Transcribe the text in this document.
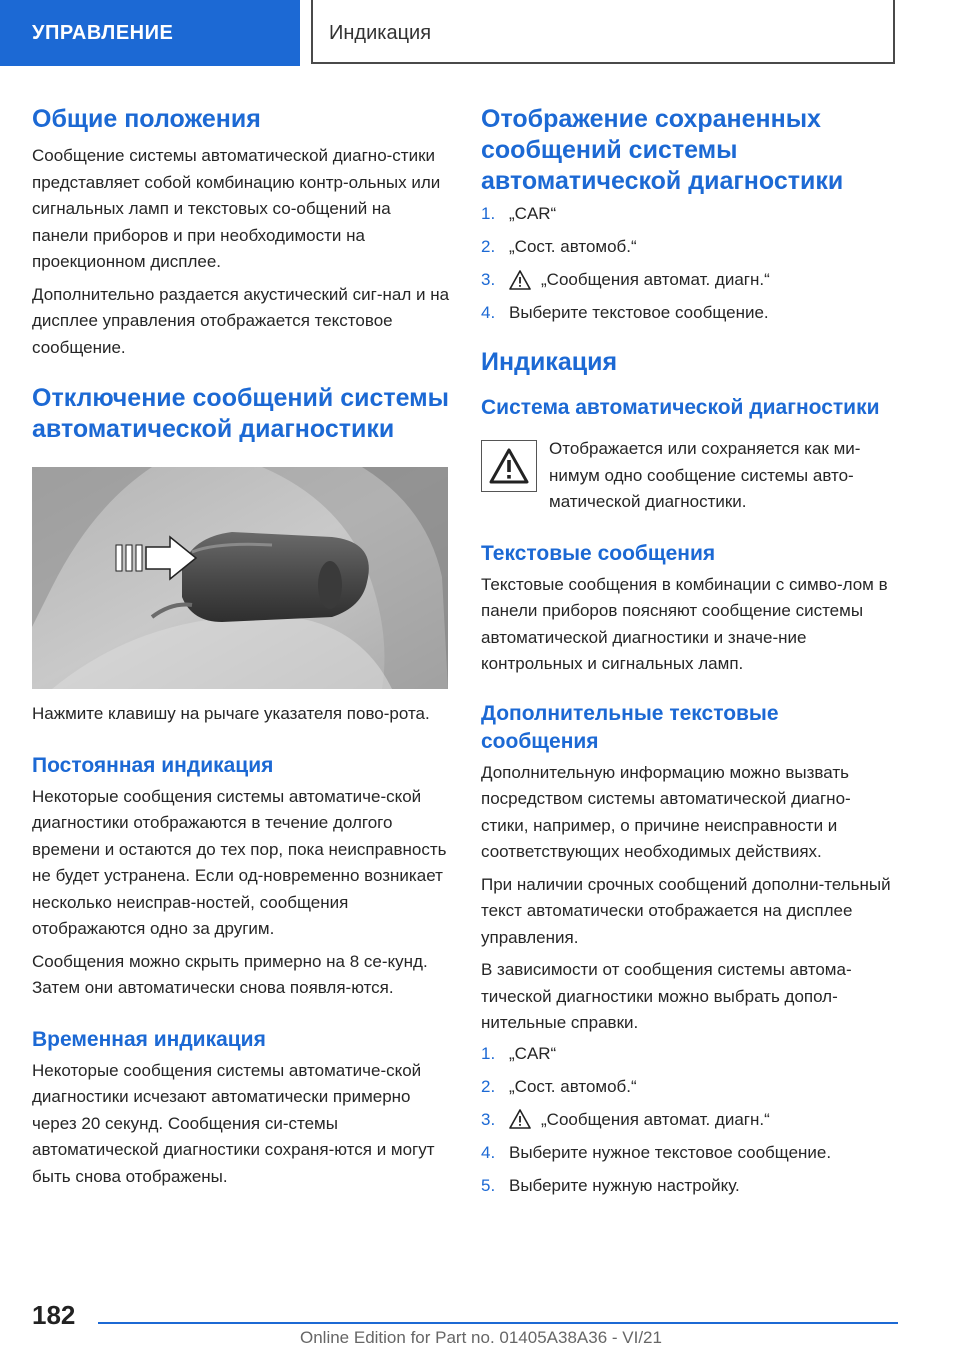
УПРАВЛЕНИЕ	Индикация
Общие положения

Сообщение системы автоматической диагно-стики представляет собой комбинацию контр-ольных или сигнальных ламп и текстовых со-общений на панели приборов и при необходимости на проекционном дисплее.

Дополнительно раздается акустический сиг-нал и на дисплее управления отображается текстовое сообщение.

Отключение сообщений системы автоматической диагностики

Нажмите клавишу на рычаге указателя пово-рота.

Постоянная индикация

Некоторые сообщения системы автоматиче-ской диагностики отображаются в течение долгого времени и остаются до тех пор, пока неисправность не будет устранена. Если од-новременно возникает несколько неисправ-ностей, сообщения отображаются одно за другим.

Сообщения можно скрыть примерно на 8 се-кунд. Затем они автоматически снова появля-ются.

Временная индикация

Некоторые сообщения системы автоматиче-ской диагностики исчезают автоматически примерно через 20 секунд. Сообщения си-стемы автоматической диагностики сохраня-ются и могут быть снова отображены.

Отображение сохраненных сообщений системы автоматической диагностики
1. „CAR“
2. „Сост. автомоб.“
3.	„Сообщения автомат. диагн.“
4. Выберите текстовое сообщение.
Индикация
Система автоматической диагностики

Отображается или сохраняется как ми-нимум одно сообщение системы авто-матической диагностики.

Текстовые сообщения

Текстовые сообщения в комбинации с симво-лом в панели приборов поясняют сообщение системы автоматической диагностики и значе-ние контрольных и сигнальных ламп.

Дополнительные текстовые сообщения

Дополнительную информацию можно вызвать посредством системы автоматической диагно-стики, например, о причине неисправности и соответствующих необходимых действиях.

При наличии срочных сообщений дополни-тельный текст автоматически отображается на дисплее управления.

В зависимости от сообщения системы автома-тической диагностики можно выбрать допол-нительные справки.

1. „CAR“
2. „Сост. автомоб.“
3.	„Сообщения автомат. диагн.“
4. Выберите нужное текстовое сообщение.
5. Выберите нужную настройку.
182
Online Edition for Part no. 01405A38A36 - VI/21
